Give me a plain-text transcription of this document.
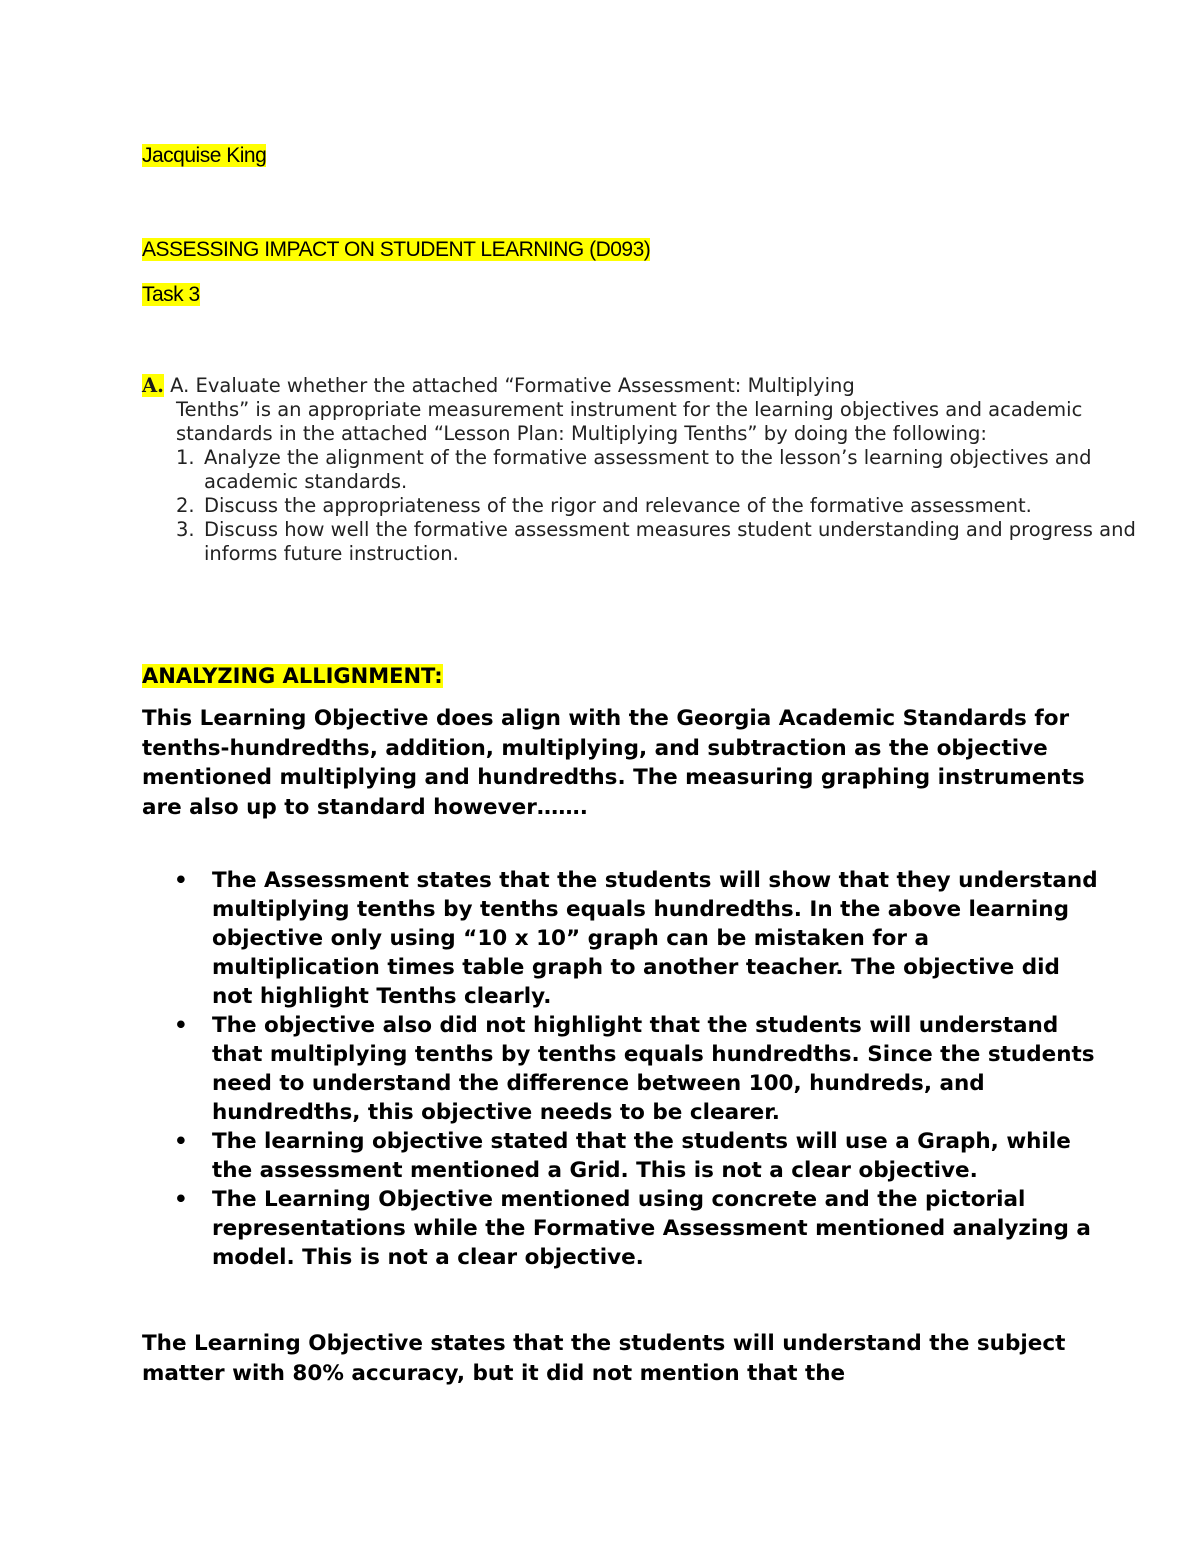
Jacquise King

ASSESSING IMPACT ON STUDENT LEARNING (D093)

Task 3

A. A. Evaluate whether the attached “Formative Assessment: Multiplying
Tenths” is an appropriate measurement instrument for the learning objectives and academic standards in the attached “Lesson Plan: Multiplying Tenths” by doing the following:
1. Analyze the alignment of the formative assessment to the lesson’s learning objectives and academic standards.
2. Discuss the appropriateness of the rigor and relevance of the formative assessment.
3. Discuss how well the formative assessment measures student understanding and progress and informs future instruction.

ANALYZING ALLIGNMENT:

This Learning Objective does align with the Georgia Academic Standards for tenths-hundredths, addition, multiplying, and subtraction as the objective mentioned multiplying and hundredths. The measuring graphing instruments are also up to standard however…….

• The Assessment states that the students will show that they understand multiplying tenths by tenths equals hundredths. In the above learning objective only using “10 x 10” graph can be mistaken for a multiplication times table graph to another teacher. The objective did not highlight Tenths clearly.
• The objective also did not highlight that the students will understand that multiplying tenths by tenths equals hundredths. Since the students need to understand the difference between 100, hundreds, and hundredths, this objective needs to be clearer.
• The learning objective stated that the students will use a Graph, while the assessment mentioned a Grid. This is not a clear objective.
• The Learning Objective mentioned using concrete and the pictorial representations while the Formative Assessment mentioned analyzing a model. This is not a clear objective.

The Learning Objective states that the students will understand the subject matter with 80% accuracy, but it did not mention that the
